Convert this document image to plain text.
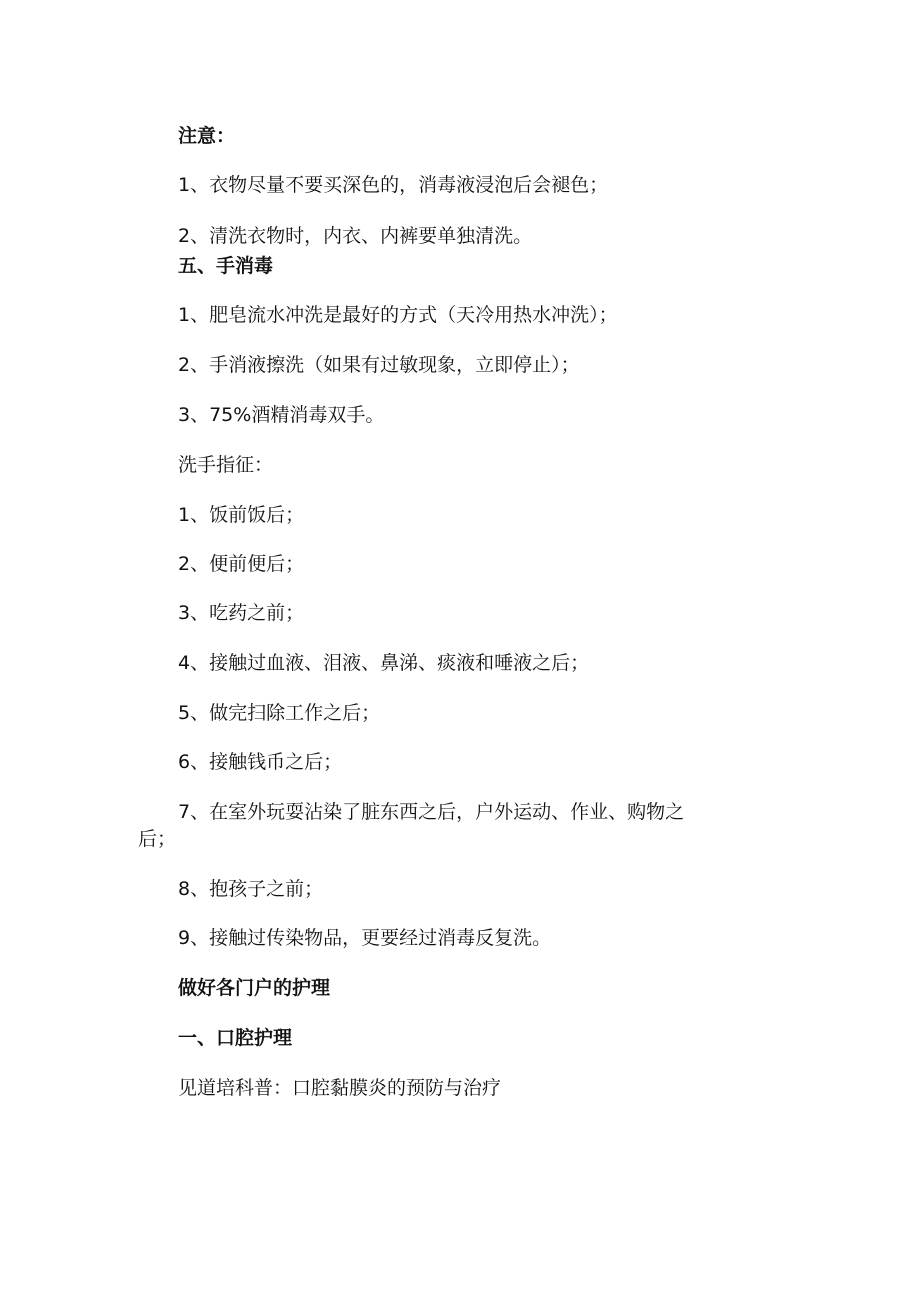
注意：
1、衣物尽量不要买深色的，消毒液浸泡后会褪色；
2、清洗衣物时，内衣、内裤要单独清洗。
五、手消毒
1、肥皂流水冲洗是最好的方式（天冷用热水冲洗）；
2、手消液擦洗（如果有过敏现象，立即停止）；
3、75%酒精消毒双手。
洗手指征：
1、饭前饭后；
2、便前便后；
3、吃药之前；
4、接触过血液、泪液、鼻涕、痰液和唾液之后；
5、做完扫除工作之后；
6、接触钱币之后；
7、在室外玩耍沾染了脏东西之后，户外运动、作业、购物之
后；
8、抱孩子之前；
9、接触过传染物品，更要经过消毒反复洗。
做好各门户的护理
一、口腔护理
见道培科普：口腔黏膜炎的预防与治疗
